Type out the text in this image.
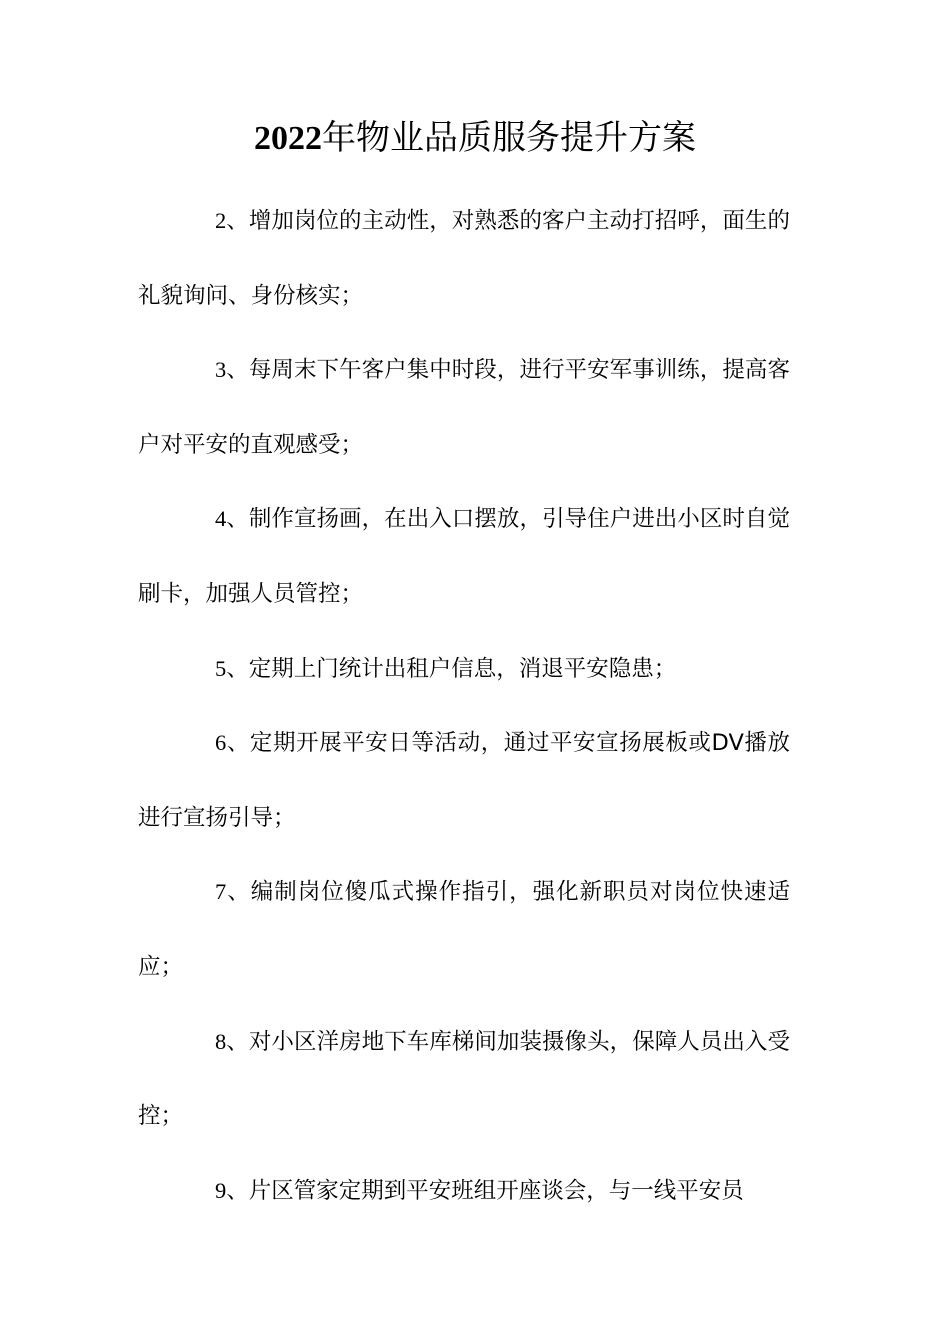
2022年物业品质服务提升方案

2、增加岗位的主动性，对熟悉的客户主动打招呼，面生的礼貌询问、身份核实；

3、每周末下午客户集中时段，进行平安军事训练，提高客户对平安的直观感受；

4、制作宣扬画，在出入口摆放，引导住户进出小区时自觉刷卡，加强人员管控；

5、定期上门统计出租户信息，消退平安隐患；

6、定期开展平安日等活动，通过平安宣扬展板或DV播放进行宣扬引导；

7、编制岗位傻瓜式操作指引，强化新职员对岗位快速适应；

8、对小区洋房地下车库梯间加装摄像头，保障人员出入受控；

9、片区管家定期到平安班组开座谈会，与一线平安员
